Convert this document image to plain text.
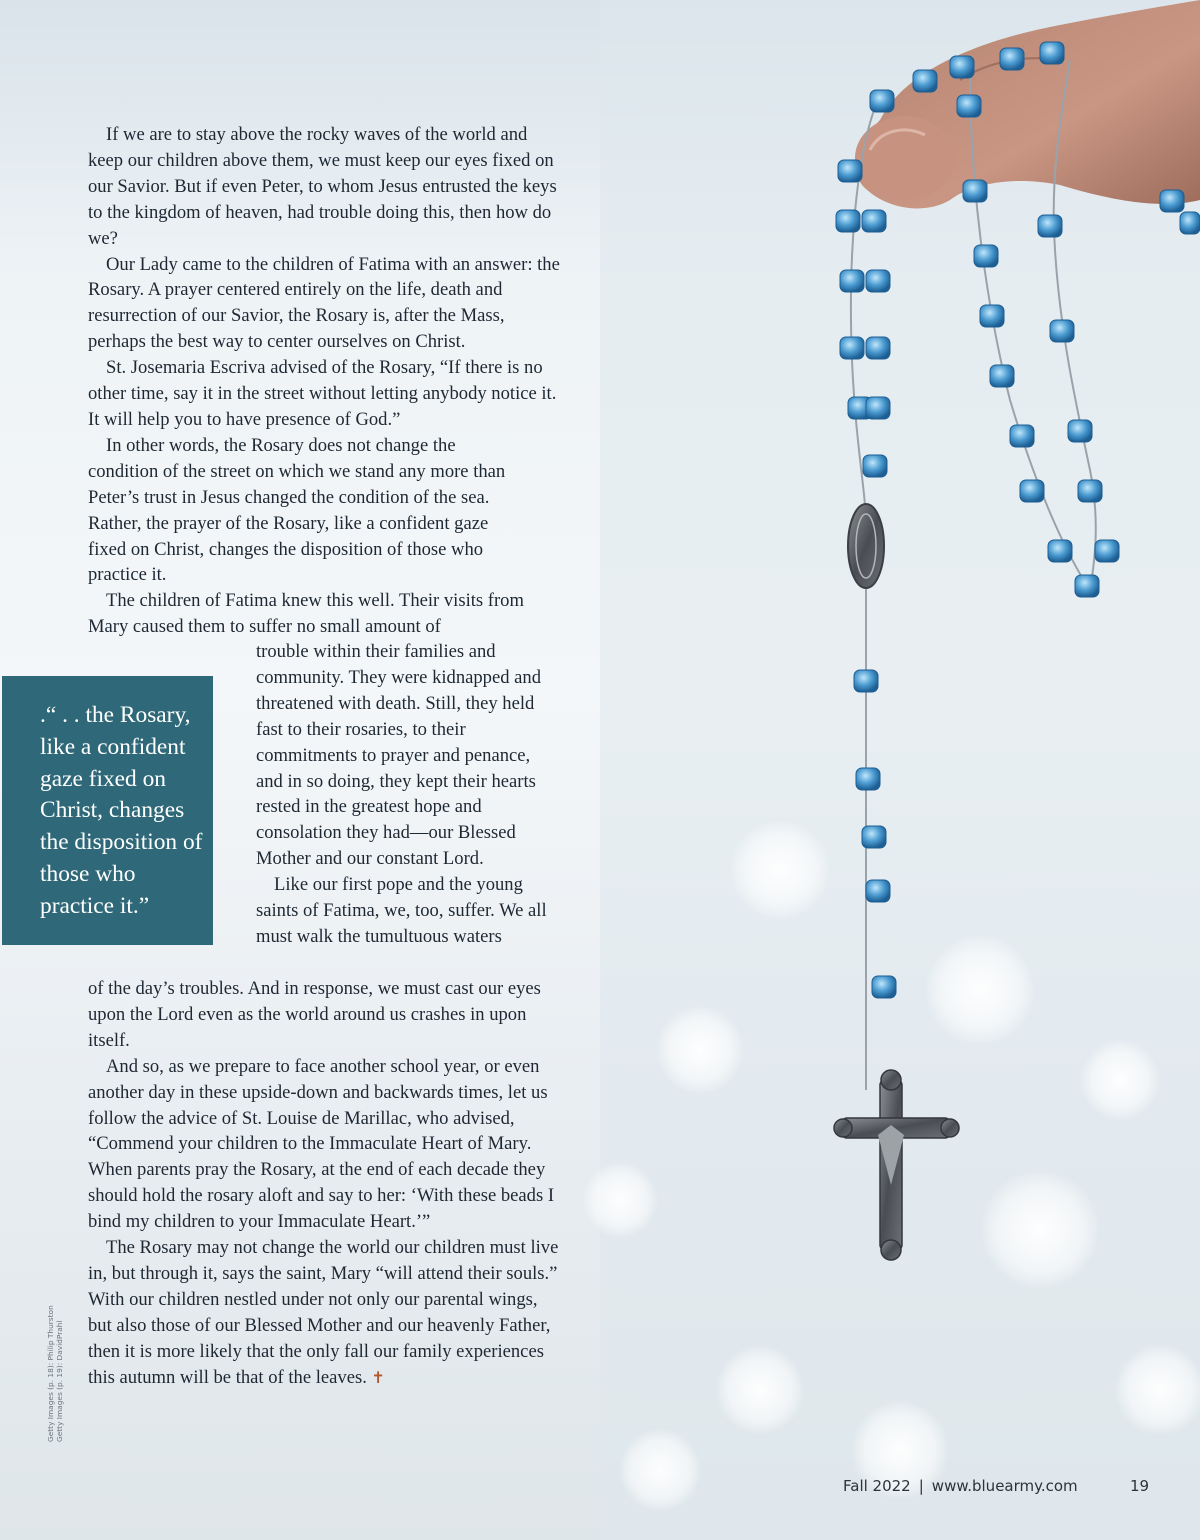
If we are to stay above the rocky waves of the world and keep our children above them, we must keep our eyes fixed on our Savior. But if even Peter, to whom Jesus entrusted the keys to the kingdom of heaven, had trouble doing this, then how do we?

Our Lady came to the children of Fatima with an answer: the Rosary. A prayer centered entirely on the life, death and resurrection of our Savior, the Rosary is, after the Mass, perhaps the best way to center ourselves on Christ.

St. Josemaria Escriva advised of the Rosary, “If there is no other time, say it in the street without letting anybody notice it. It will help you to have presence of God.”

In other words, the Rosary does not change the condition of the street on which we stand any more than Peter’s trust in Jesus changed the condition of the sea. Rather, the prayer of the Rosary, like a confident gaze fixed on Christ, changes the disposition of those who practice it.

The children of Fatima knew this well. Their visits from Mary caused them to suffer no small amount of

trouble within their families and community. They were kidnapped and threatened with death. Still, they held fast to their rosaries, to their commitments to prayer and penance, and in so doing, they kept their hearts rested in the greatest hope and consolation they had—our Blessed Mother and our constant Lord.

Like our first pope and the young saints of Fatima, we, too, suffer. We all must walk the tumultuous waters

of the day’s troubles. And in response, we must cast our eyes upon the Lord even as the world around us crashes in upon itself.

And so, as we prepare to face another school year, or even another day in these upside-down and backwards times, let us follow the advice of St. Louise de Marillac, who advised, “Commend your children to the Immaculate Heart of Mary. When parents pray the Rosary, at the end of each decade they should hold the rosary aloft and say to her: ‘With these beads I bind my children to your Immaculate Heart.’”

The Rosary may not change the world our children must live in, but through it, says the saint, Mary “will attend their souls.” With our children nestled under not only our parental wings, but also those of our Blessed Mother and our heavenly Father, then it is more likely that the only fall our family experiences this autumn will be that of the leaves. ✝

.“ . . the Rosary, like a confident gaze fixed on Christ, changes the disposition of those who practice it.”
Getty Images (p. 18): Philip Thurston Getty Images (p. 19): DavidPrahl
Fall 2022 | www.bluearmy.com	19
